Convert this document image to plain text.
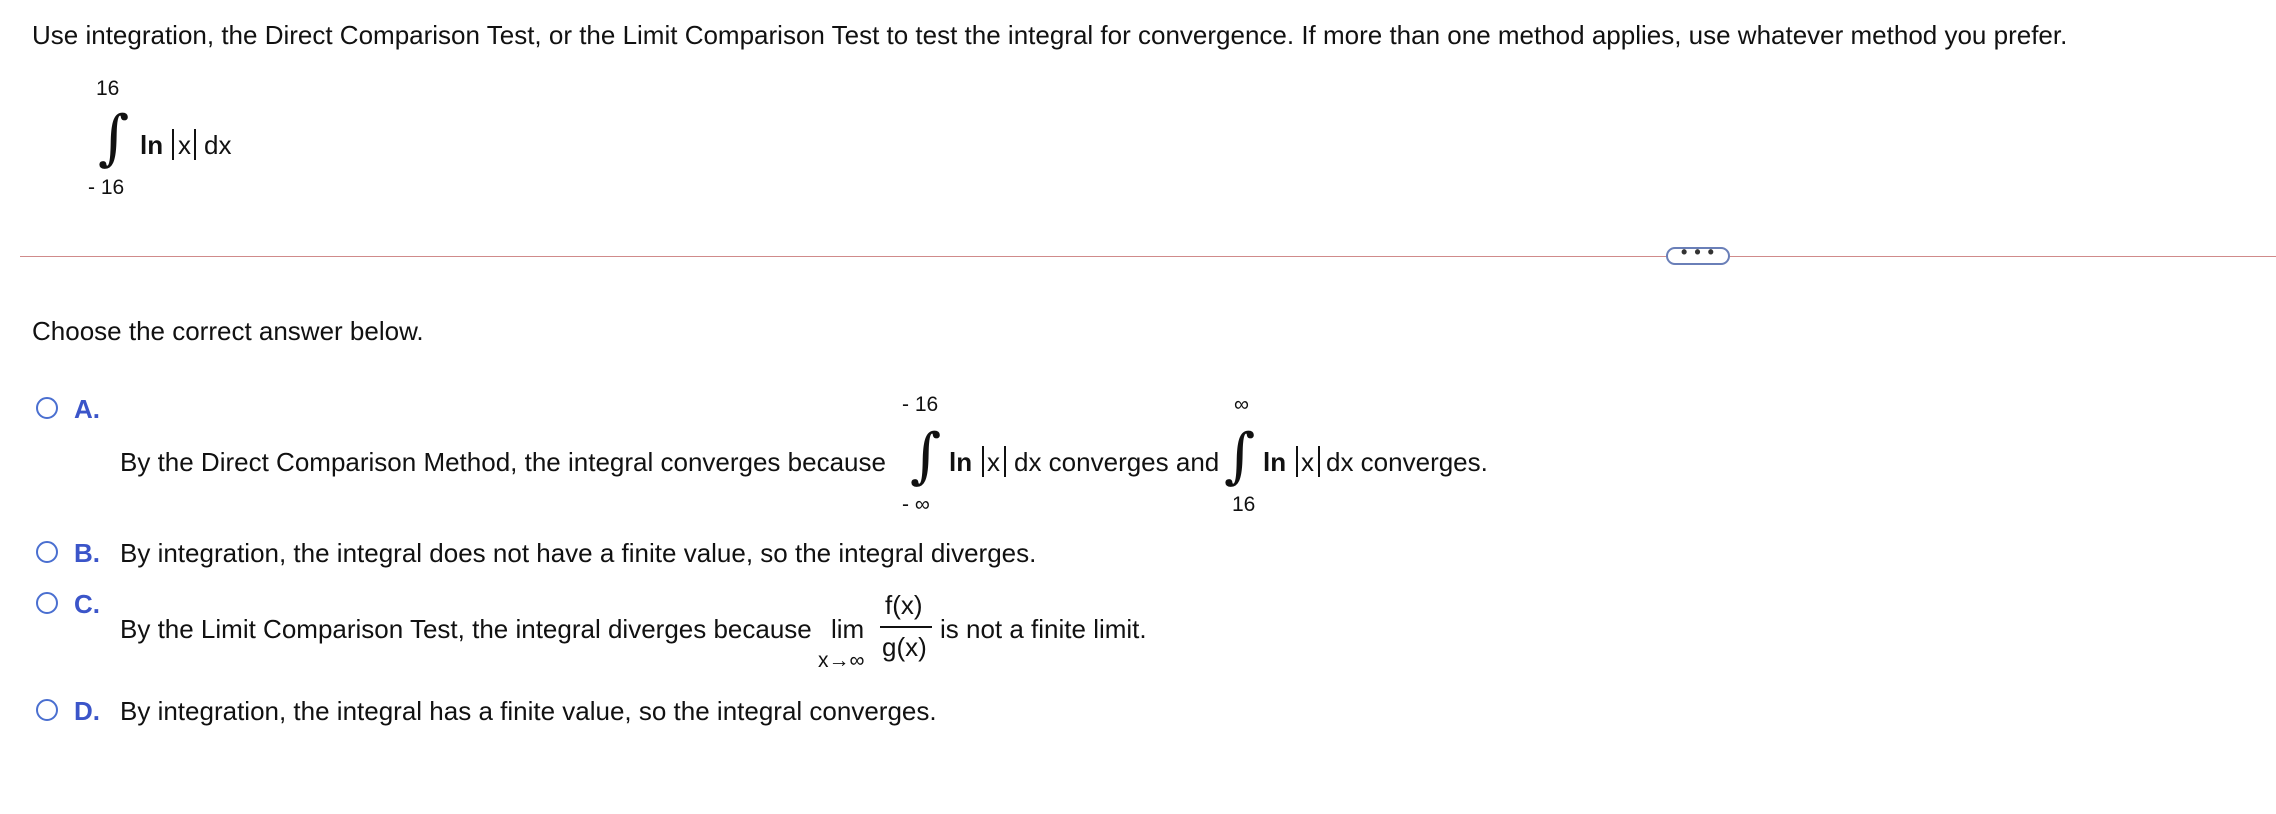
Use integration, the Direct Comparison Test, or the Limit Comparison Test to test the integral for convergence. If more than one method applies, use whatever method you prefer.
16
∫
- 16
ln x dx
• • •
Choose the correct answer below.
A.
By the Direct Comparison Method, the integral converges because
- 16
∫
- ∞
ln x dx converges and
∞
∫
16
ln x dx converges.
B. By integration, the integral does not have a finite value, so the integral diverges.
C.
By the Limit Comparison Test, the integral diverges because lim
x→∞
f(x)
g(x)
is not a finite limit.
D. By integration, the integral has a finite value, so the integral converges.
